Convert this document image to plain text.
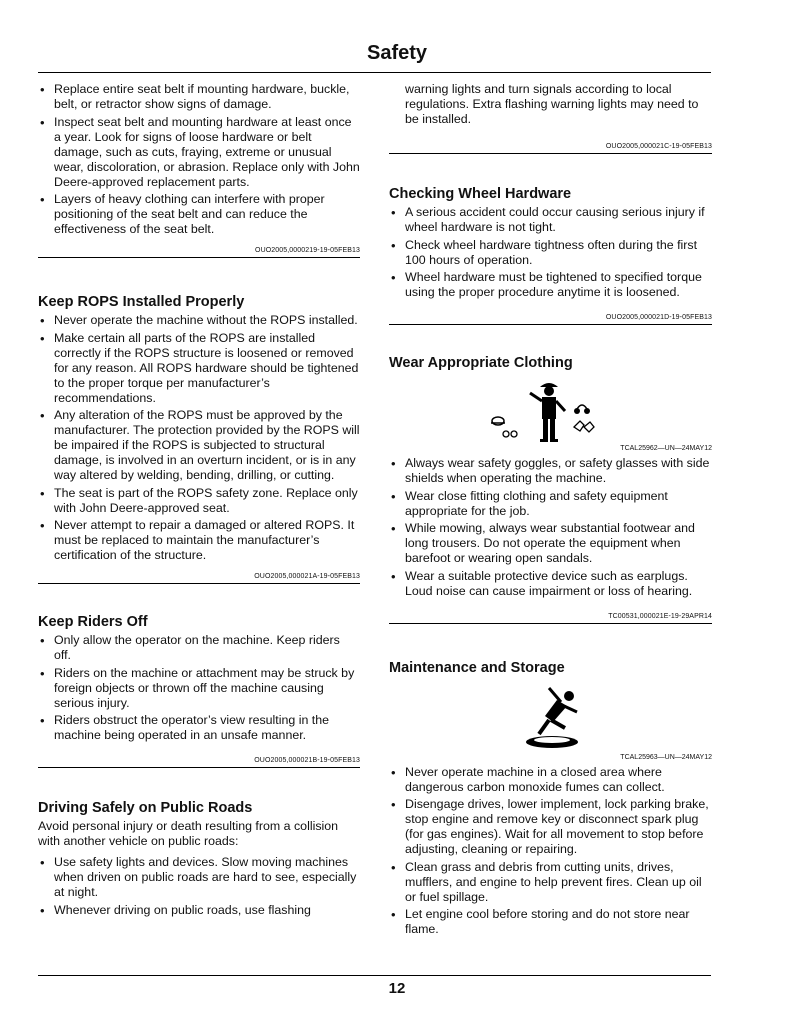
Safety
• Replace entire seat belt if mounting hardware, buckle, belt, or retractor show signs of damage.
• Inspect seat belt and mounting hardware at least once a year. Look for signs of loose hardware or belt damage, such as cuts, fraying, extreme or unusual wear, discoloration, or abrasion. Replace only with John Deere-approved replacement parts.
• Layers of heavy clothing can interfere with proper positioning of the seat belt and can reduce the effectiveness of the seat belt.
OUO2005,0000219-19-05FEB13
Keep ROPS Installed Properly
• Never operate the machine without the ROPS installed.
• Make certain all parts of the ROPS are installed correctly if the ROPS structure is loosened or removed for any reason. All ROPS hardware should be tightened to the proper torque per manufacturer’s recommendations.
• Any alteration of the ROPS must be approved by the manufacturer. The protection provided by the ROPS will be impaired if the ROPS is subjected to structural damage, is involved in an overturn incident, or is in any way altered by welding, bending, drilling, or cutting.
• The seat is part of the ROPS safety zone. Replace only with John Deere-approved seat.
• Never attempt to repair a damaged or altered ROPS. It must be replaced to maintain the manufacturer’s certification of the structure.
OUO2005,000021A-19-05FEB13
Keep Riders Off
• Only allow the operator on the machine. Keep riders off.
• Riders on the machine or attachment may be struck by foreign objects or thrown off the machine causing serious injury.
• Riders obstruct the operator’s view resulting in the machine being operated in an unsafe manner.
OUO2005,000021B-19-05FEB13
Driving Safely on Public Roads

Avoid personal injury or death resulting from a collision with another vehicle on public roads:

• Use safety lights and devices. Slow moving machines when driven on public roads are hard to see, especially at night.
• Whenever driving on public roads, use flashing

warning lights and turn signals according to local regulations. Extra flashing warning lights may need to be installed.

OUO2005,000021C-19-05FEB13
Checking Wheel Hardware
• A serious accident could occur causing serious injury if wheel hardware is not tight.
• Check wheel hardware tightness often during the first 100 hours of operation.
• Wheel hardware must be tightened to specified torque using the proper procedure anytime it is loosened.
OUO2005,000021D-19-05FEB13
Wear Appropriate Clothing
TCAL25962—UN—24MAY12
• Always wear safety goggles, or safety glasses with side shields when operating the machine.
• Wear close fitting clothing and safety equipment appropriate for the job.
• While mowing, always wear substantial footwear and long trousers. Do not operate the equipment when barefoot or wearing open sandals.
• Wear a suitable protective device such as earplugs. Loud noise can cause impairment or loss of hearing.
TC00531,000021E-19-29APR14
Maintenance and Storage
TCAL25963—UN—24MAY12
• Never operate machine in a closed area where dangerous carbon monoxide fumes can collect.
• Disengage drives, lower implement, lock parking brake, stop engine and remove key or disconnect spark plug (for gas engines). Wait for all movement to stop before adjusting, cleaning or repairing.
• Clean grass and debris from cutting units, drives, mufflers, and engine to help prevent fires. Clean up oil or fuel spillage.
• Let engine cool before storing and do not store near flame.
12
